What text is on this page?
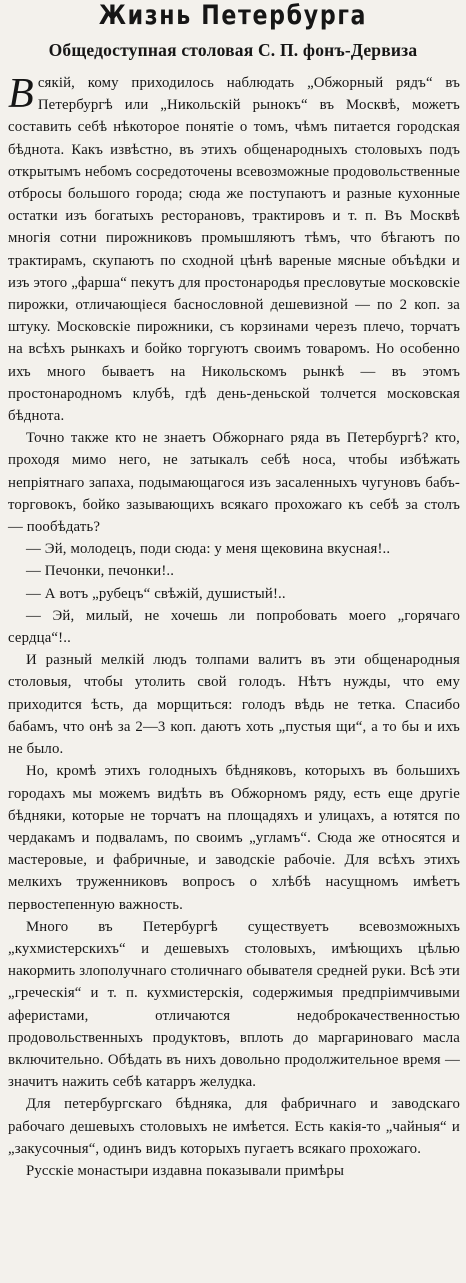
Жизнь Петербурга
Общедоступная столовая С. П. фонъ-Дервиза

Всякій, кому приходилось наблюдать „Обжорный рядъ“ въ Петербургѣ или „Никольскій рынокъ“ въ Москвѣ, можетъ составить себѣ нѣкоторое понятіе о томъ, чѣмъ питается городская бѣднота. Какъ извѣстно, въ этихъ общенародныхъ столовыхъ подъ открытымъ небомъ сосредоточены всевозможные продовольственные отбросы большого города; сюда же поступаютъ и разные кухонные остатки изъ богатыхъ ресторановъ, трактировъ и т. п. Въ Москвѣ многія сотни пирожниковъ промышляютъ тѣмъ, что бѣгаютъ по трактирамъ, скупаютъ по сходной цѣнѣ вареные мясные объѣдки и изъ этого „фарша“ пекутъ для простонародья пресловутые московскіе пирожки, отличающіеся баснословной дешевизной — по 2 коп. за штуку. Московскіе пирожники, съ корзинами черезъ плечо, торчатъ на всѣхъ рынкахъ и бойко торгуютъ своимъ товаромъ. Но особенно ихъ много бываетъ на Никольскомъ рынкѣ — въ этомъ простонародномъ клубѣ, гдѣ день-деньской толчется московская бѣднота.

Точно также кто не знаетъ Обжорнаго ряда въ Петербургѣ? кто, проходя мимо него, не затыкалъ себѣ носа, чтобы избѣжать непріятнаго запаха, подымающагося изъ засаленныхъ чугуновъ бабъ-торговокъ, бойко зазывающихъ всякаго прохожаго къ себѣ за столъ — пообѣдать?

— Эй, молодецъ, поди сюда: у меня щековина вкусная!..

— Печонки, печонки!..

— А вотъ „рубецъ“ свѣжій, душистый!..

— Эй, милый, не хочешь ли попробовать моего „горячаго сердца“!..

И разный мелкій людъ толпами валитъ въ эти общенародныя столовыя, чтобы утолить свой голодъ. Нѣтъ нужды, что ему приходится ѣсть, да морщиться: голодъ вѣдь не тетка. Спасибо бабамъ, что онѣ за 2—3 коп. даютъ хоть „пустыя щи“, а то бы и ихъ не было.

Но, кромѣ этихъ голодныхъ бѣдняковъ, которыхъ въ большихъ городахъ мы можемъ видѣть въ Обжорномъ ряду, есть еще другіе бѣдняки, которые не торчатъ на площадяхъ и улицахъ, а ютятся по чердакамъ и подваламъ, по своимъ „угламъ“. Сюда же относятся и мастеровые, и фабричные, и заводскіе рабочіе. Для всѣхъ этихъ мелкихъ труженниковъ вопросъ о хлѣбѣ насущномъ имѣетъ первостепенную важность.

Много въ Петербургѣ существуетъ всевозможныхъ „кухмистерскихъ“ и дешевыхъ столовыхъ, имѣющихъ цѣлью накормить злополучнаго столичнаго обывателя средней руки. Всѣ эти „греческія“ и т. п. кухмистерскія, содержимыя предпріимчивыми аферистами, отличаются недоброкачественностью продовольственныхъ продуктовъ, вплоть до маргариноваго масла включительно. Обѣдать въ нихъ довольно продолжительное время — значитъ нажить себѣ катарръ желудка.

Для петербургскаго бѣдняка, для фабричнаго и заводскаго рабочаго дешевыхъ столовыхъ не имѣется. Есть какія-то „чайныя“ и „закусочныя“, одинъ видъ которыхъ пугаетъ всякаго прохожаго.

Русскіе монастыри издавна показывали примѣры
